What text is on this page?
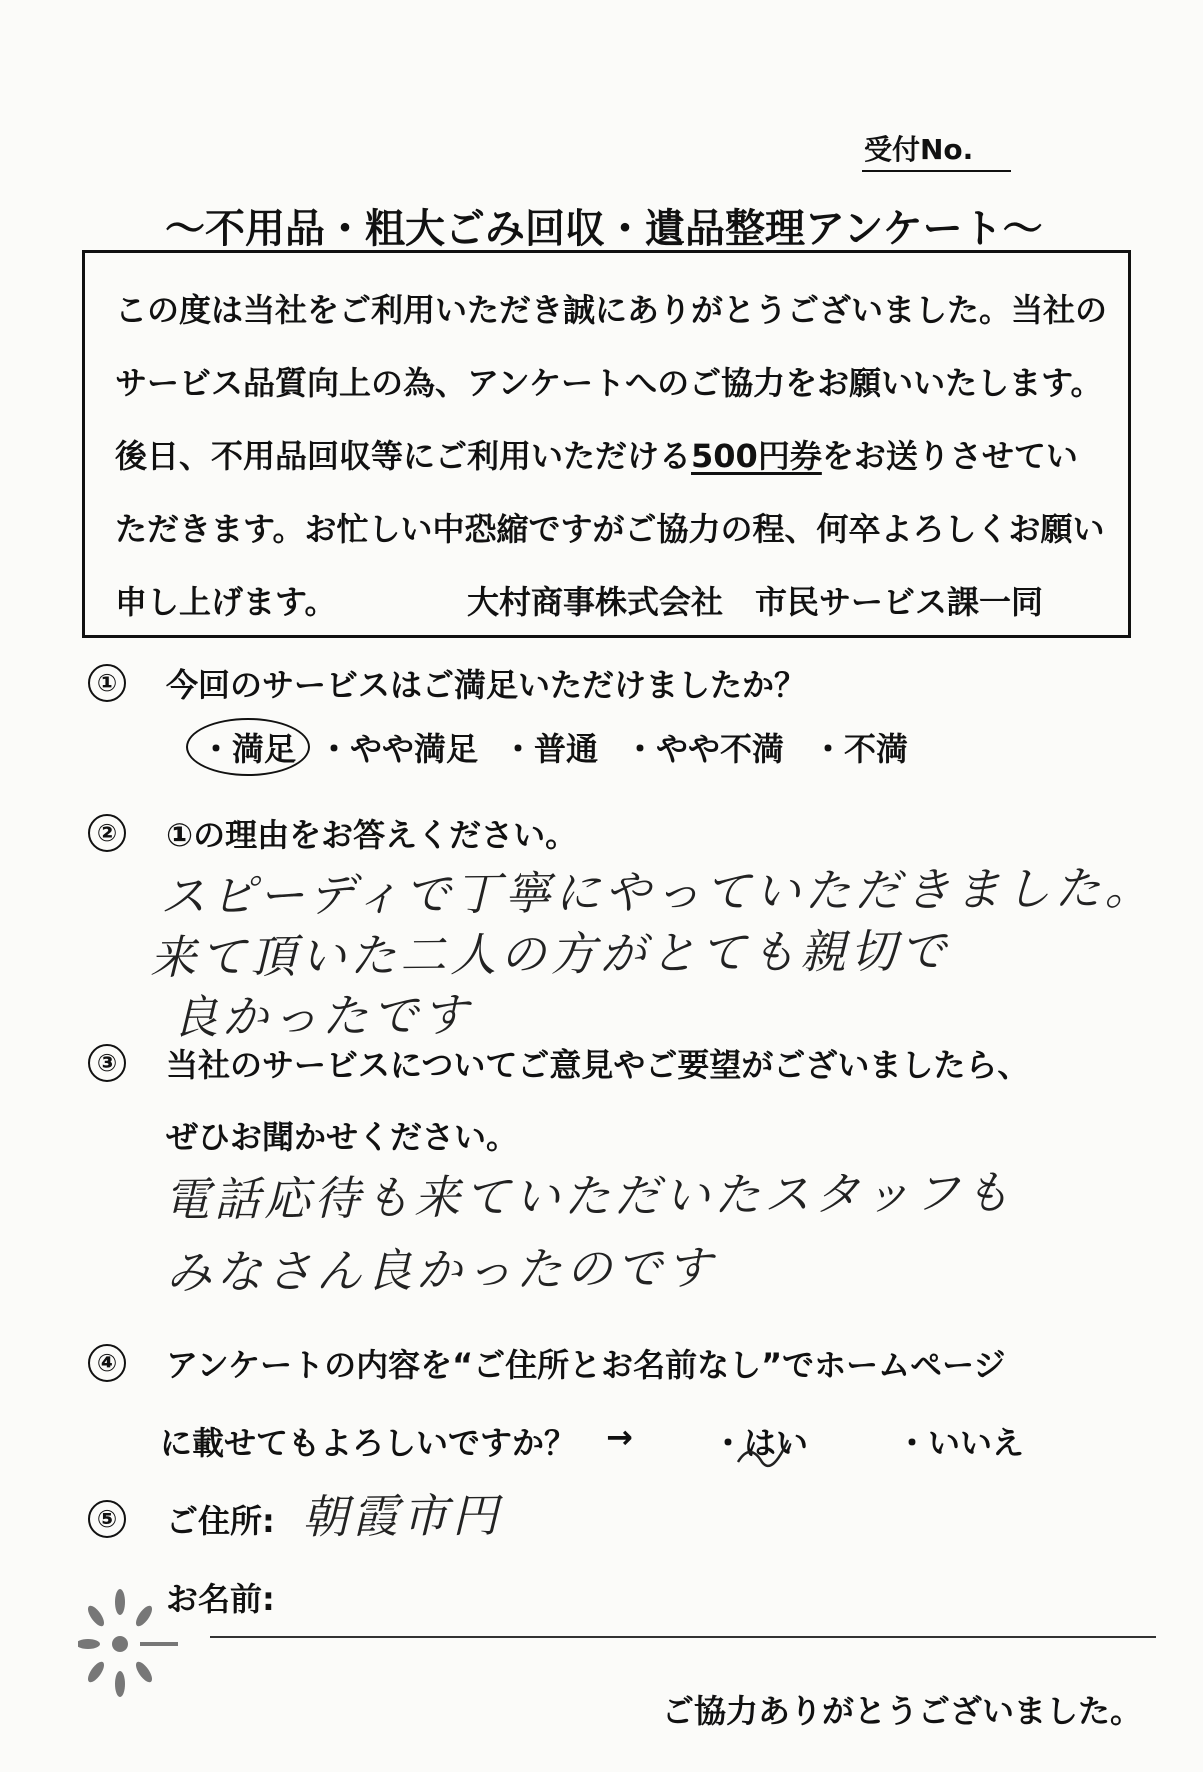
受付No.
～不用品・粗大ごみ回収・遺品整理アンケート～
この度は当社をご利用いただき誠にありがとうございました。当社の
サービス品質向上の為、アンケートへのご協力をお願いいたします。
後日、不用品回収等にご利用いただける500円券をお送りさせてい
ただきます。お忙しい中恐縮ですがご協力の程、何卒よろしくお願い
申し上げます。	大村商事株式会社　市民サービス課一同
① 今回のサービスはご満足いただけましたか？
・満足 ・やや満足 ・普通 ・やや不満 ・不満
② ①の理由をお答えください。
スピーディで丁寧にやっていただきました。
来て頂いた二人の方がとても親切で
良かったです
③ 当社のサービスについてご意見やご要望がございましたら、
ぜひお聞かせください。
電話応待も来ていただいたスタッフも
みなさん良かったのです
④ アンケートの内容を“ご住所とお名前なし”でホームページ
に載せてもよろしいですか？ → ・はい	・いいえ
⑤ ご住所: 朝霞市円
お名前:
ご協力ありがとうございました。
